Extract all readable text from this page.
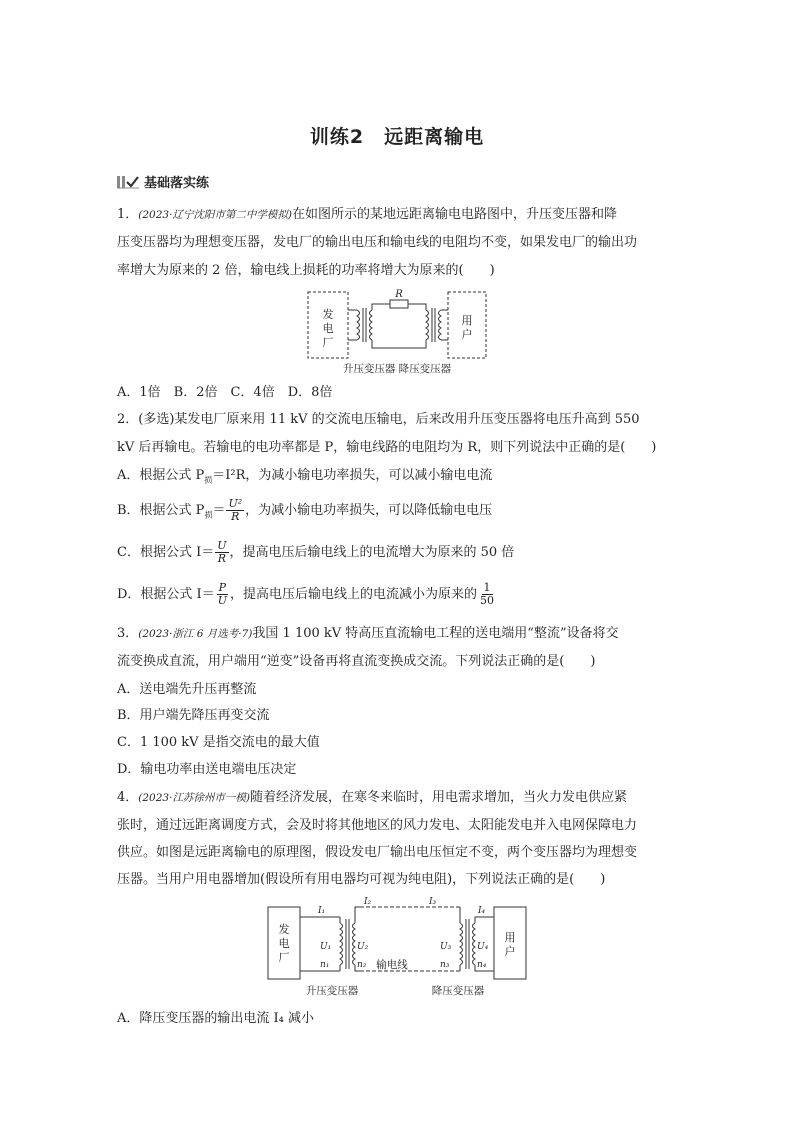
训练2　远距离输电
基础落实练
1．(2023·辽宁沈阳市第二中学模拟)在如图所示的某地远距离输电电路图中，升压变压器和降
压变压器均为理想变压器，发电厂的输出电压和输电线的电阻均不变，如果发电厂的输出功
率增大为原来的 2 倍，输电线上损耗的功率将增大为原来的(　　)
发
电
厂
R
用
户
升压变压器 降压变压器
A．1倍　B．2倍　C．4倍　D．8倍
2．(多选)某发电厂原来用 11 kV 的交流电压输电，后来改用升压变压器将电压升高到 550
kV 后再输电。若输电的电功率都是 P，输电线路的电阻均为 R，则下列说法中正确的是(　　)
A．根据公式 $P_损=I^2R$，为减小输电功率损失，可以减小输电电流
B．根据公式 $P_损= \frac{\text{U²}}{R}$ ，为减小输电功率损失，可以降低输电电压
C．根据公式 $I= \frac{U}{R}$ ，提高电压后输电线上的电流增大为原来的 50 倍
D．根据公式 $I= \frac{P}{U}$ ，提高电压后输电线上的电流减小为原来的 $\frac{1}{50}$
3．(2023·浙江 6 月选考·7)我国 1 100 kV 特高压直流输电工程的送电端用“整流”设备将交
流变换成直流，用户端用“逆变”设备再将直流变换成交流。下列说法正确的是(　　)
A．送电端先升压再整流
B．用户端先降压再变交流
C．1 100 kV 是指交流电的最大值
D．输电功率由送电端电压决定
4．(2023·江苏徐州市一模)随着经济发展，在寒冬来临时，用电需求增加，当火力发电供应紧
张时，通过远距离调度方式，会及时将其他地区的风力发电、太阳能发电并入电网保障电力
供应。如图是远距离输电的原理图，假设发电厂输出电压恒定不变，两个变压器均为理想变
压器。当用户用电器增加(假设所有用电器均可视为纯电阻)，下列说法正确的是(　　)
发
电
厂
用
户
I₁
I₂	I₃
I₄
U₁	U₂	U₃	U₄
n₁	n₂	n₃	n₄
输电线
升压变压器	降压变压器
A．降压变压器的输出电流 I₄ 减小
